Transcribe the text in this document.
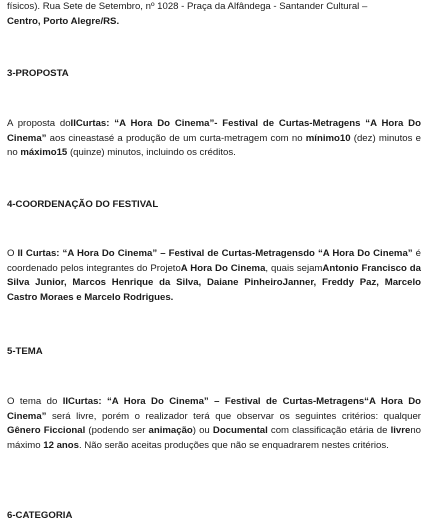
físicos). Rua Sete de Setembro, nº 1028 - Praça da Alfândega - Santander Cultural –
Centro, Porto Alegre/RS.
3-PROPOSTA
A proposta doIICurtas: “A Hora Do Cinema”- Festival de Curtas-Metragens “A Hora Do Cinema” aos cineastasé a produção de um curta-metragem com no mínimo10 (dez) minutos e no máximo15 (quinze) minutos, incluindo os créditos.
4-COORDENAÇÃO DO FESTIVAL
O II Curtas: “A Hora Do Cinema” – Festival de Curtas-Metragensdo “A Hora Do Cinema” é coordenado pelos integrantes do ProjetoA Hora Do Cinema, quais sejamAntonio Francisco da Silva Junior, Marcos Henrique da Silva, Daiane PinheiroJanner, Freddy Paz, Marcelo Castro Moraes e Marcelo Rodrigues.
5-TEMA
O tema do IICurtas: “A Hora Do Cinema” – Festival de Curtas-Metragens“A Hora Do Cinema” será livre, porém o realizador terá que observar os seguintes critérios: qualquer Gênero Ficcional (podendo ser animação) ou Documental com classificação etária de livreno máximo 12 anos. Não serão aceitas produções que não se enquadrarem nestes critérios.
6-CATEGORIA
